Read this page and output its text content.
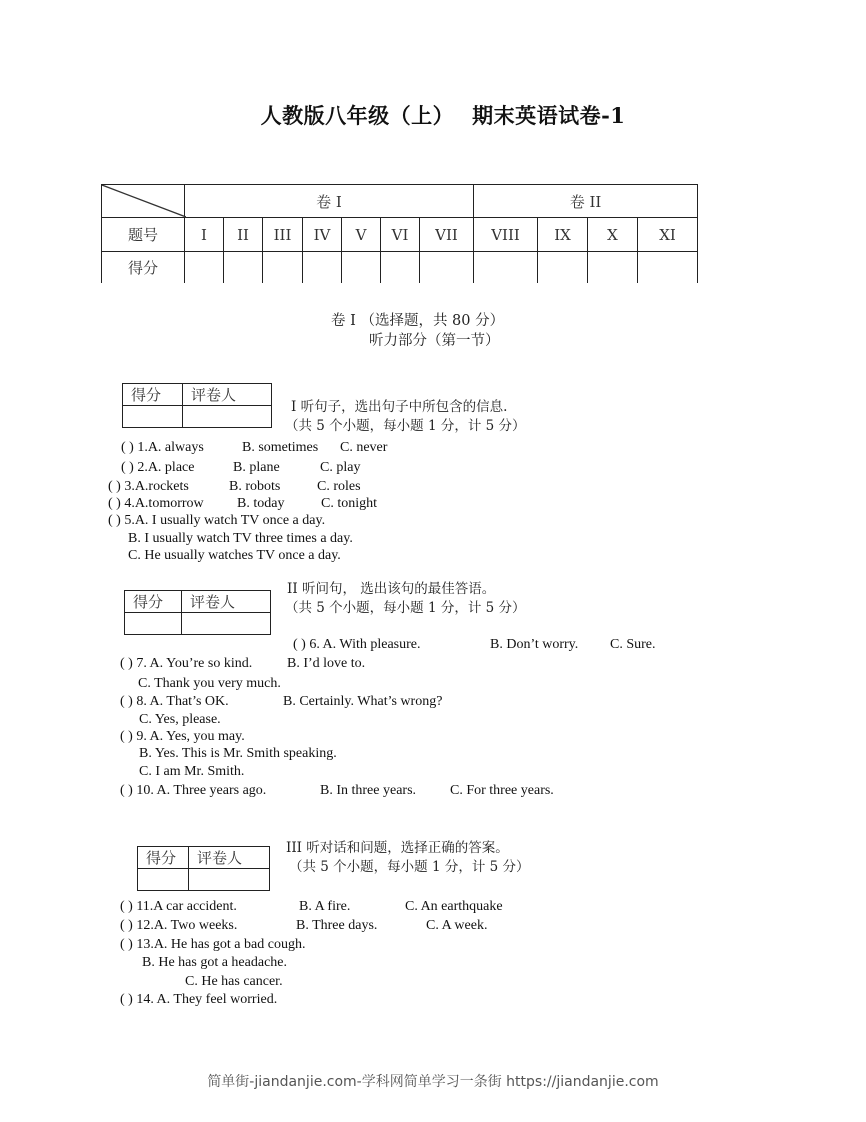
人教版八年级（上） 期末英语试卷-1
	卷 I							卷 II			
题号	I	II	III	IV	V	VI	VII	VIII	IX	X	XI
得分											
卷 I （选择题，共 80 分）
听力部分（第一节）
得分	评卷人

I 听句子，选出句子中所包含的信息.
（共 5 个小题，每小题 1 分，计 5 分）
( ) 1.A. always	B. sometimes C. never
( ) 2.A. place	B. plane	C. play
( ) 3.A.rockets	B. robots	C. roles
( ) 4.A.tomorrow B. today	C. tonight
( ) 5.A. I usually watch TV once a day.
B. I usually watch TV three times a day.
C. He usually watches TV once a day.
II 听问句， 选出该句的最佳答语。
（共 5 个小题，每小题 1 分，计 5 分）
得分	评卷人

( ) 6. A. With pleasure.	B. Don’t worry. C. Sure.
( ) 7. A. You’re so kind. B. I’d love to.
C. Thank you very much.
( ) 8. A. That’s OK.	B. Certainly. What’s wrong?
C. Yes, please.
( ) 9. A. Yes, you may.
B. Yes. This is Mr. Smith speaking.
C. I am Mr. Smith.
( ) 10. A. Three years ago.	B. In three years. C. For three years.
III 听对话和问题，选择正确的答案。
（共 5 个小题，每小题 1 分，计 5 分）
得分	评卷人

( ) 11.A car accident.	B. A fire.	C. An earthquake
( ) 12.A. Two weeks.	B. Three days.	C. A week.
( ) 13.A. He has got a bad cough.
B. He has got a headache.
C. He has cancer.
( ) 14. A. They feel worried.
简单街-jiandanjie.com-学科网简单学习一条街 https://jiandanjie.com
